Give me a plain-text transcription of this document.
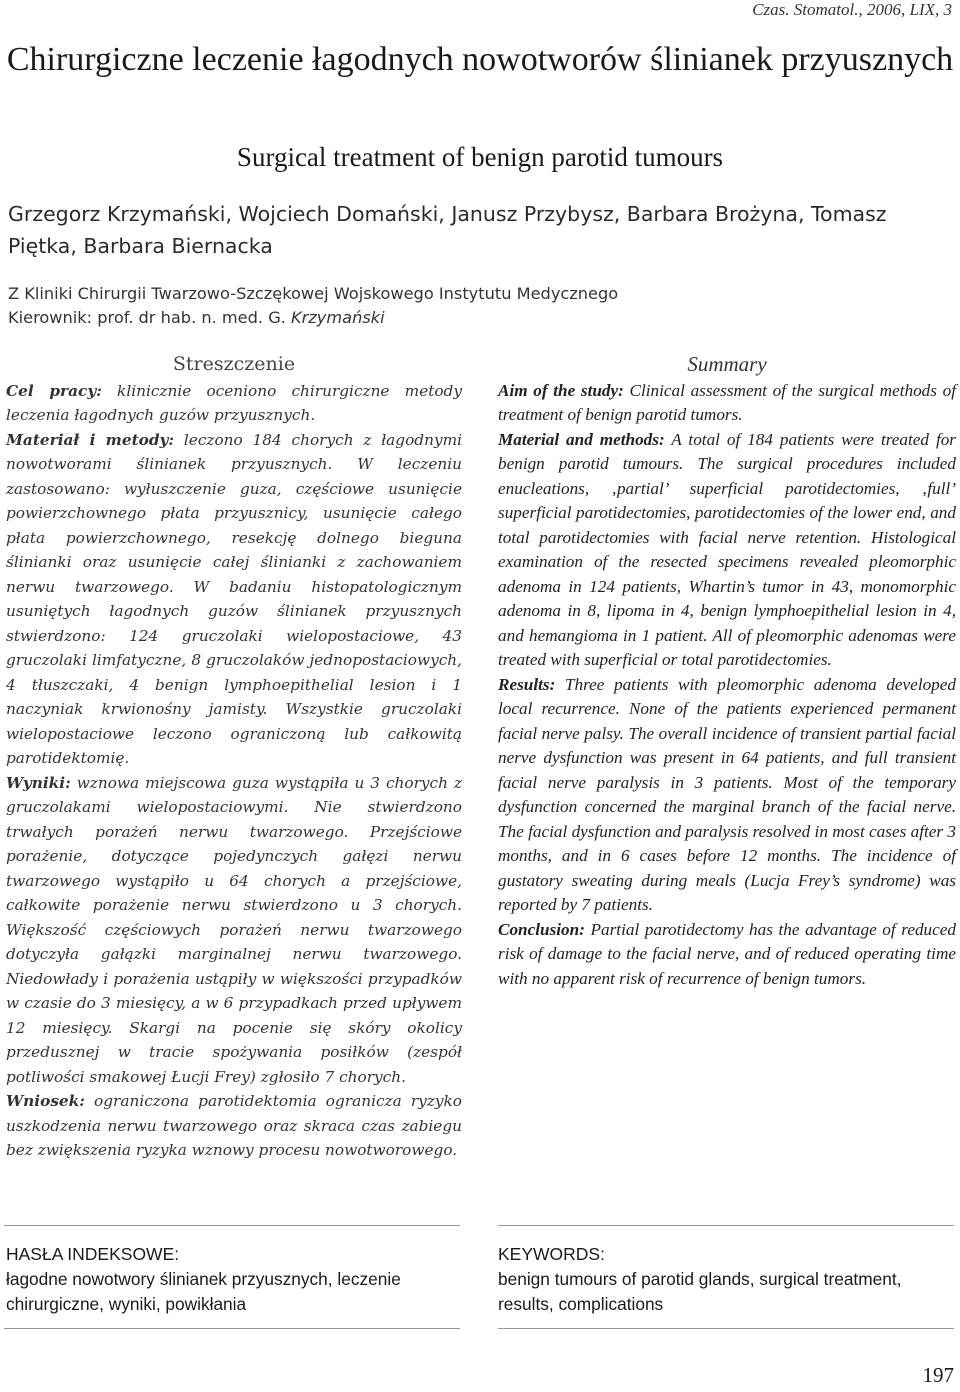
Czas. Stomatol., 2006, LIX, 3
Chirurgiczne leczenie łagodnych nowotworów ślinianek przyusznych
Surgical treatment of benign parotid tumours

Grzegorz Krzymański, Wojciech Domański, Janusz Przybysz, Barbara Brożyna, Tomasz Piętka, Barbara Biernacka

Z Kliniki Chirurgii Twarzowo-Szczękowej Wojskowego Instytutu Medycznego
Kierownik: prof. dr hab. n. med. G. Krzymański

Streszczenie

Cel pracy: klinicznie oceniono chirurgiczne metody leczenia łagodnych guzów przyusznych.

Materiał i metody: leczono 184 chorych z łagodnymi nowotworami ślinianek przyusznych. W leczeniu zastosowano: wyłuszczenie guza, częściowe usunięcie powierzchownego płata przyusznicy, usunięcie całego płata powierzchownego, resekcję dolnego bieguna ślinianki oraz usunięcie całej ślinianki z zachowaniem nerwu twarzowego. W badaniu histopatologicznym usuniętych łagodnych guzów ślinianek przyusznych stwierdzono: 124 gruczolaki wielopostaciowe, 43 gruczolaki limfatyczne, 8 gruczolaków jednopostaciowych, 4 tłuszczaki, 4 benign lymphoepithelial lesion i 1 naczyniak krwionośny jamisty. Wszystkie gruczolaki wielopostaciowe leczono ograniczoną lub całkowitą parotidektomię.

Wyniki: wznowa miejscowa guza wystąpiła u 3 chorych z gruczolakami wielopostaciowymi. Nie stwierdzono trwałych porażeń nerwu twarzowego. Przejściowe porażenie, dotyczące pojedynczych gałęzi nerwu twarzowego wystąpiło u 64 chorych a przejściowe, całkowite porażenie nerwu stwierdzono u 3 chorych. Większość częściowych porażeń nerwu twarzowego dotyczyła gałązki marginalnej nerwu twarzowego. Niedowłady i porażenia ustąpiły w większości przypadków w czasie do 3 miesięcy, a w 6 przypadkach przed upływem 12 miesięcy. Skargi na pocenie się skóry okolicy przedusznej w tracie spożywania posiłków (zespół potliwości smakowej Łucji Frey) zgłosiło 7 chorych.

Wniosek: ograniczona parotidektomia ogranicza ryzyko uszkodzenia nerwu twarzowego oraz skraca czas zabiegu bez zwiększenia ryzyka wznowy procesu nowotworowego.

Summary

Aim of the study: Clinical assessment of the surgical methods of treatment of benign parotid tumors.

Material and methods: A total of 184 patients were treated for benign parotid tumours. The surgical procedures included enucleations, ‚partial’ superficial parotidectomies, ‚full’ superficial parotidectomies, parotidectomies of the lower end, and total parotidectomies with facial nerve retention. Histological examination of the resected specimens revealed pleomorphic adenoma in 124 patients, Whartin’s tumor in 43, monomorphic adenoma in 8, lipoma in 4, benign lymphoepithelial lesion in 4, and hemangioma in 1 patient. All of pleomorphic adenomas were treated with superficial or total parotidectomies.

Results: Three patients with pleomorphic adenoma developed local recurrence. None of the patients experienced permanent facial nerve palsy. The overall incidence of transient partial facial nerve dysfunction was present in 64 patients, and full transient facial nerve paralysis in 3 patients. Most of the temporary dysfunction concerned the marginal branch of the facial nerve. The facial dysfunction and paralysis resolved in most cases after 3 months, and in 6 cases before 12 months. The incidence of gustatory sweating during meals (Lucja Frey’s syndrome) was reported by 7 patients.

Conclusion: Partial parotidectomy has the advantage of reduced risk of damage to the facial nerve, and of reduced operating time with no apparent risk of recurrence of benign tumors.

HASŁA INDEKSOWE:
łagodne nowotwory ślinianek przyusznych, leczenie chirurgiczne, wyniki, powikłania
KEYWORDS:
benign tumours of parotid glands, surgical treatment, results, complications
197
